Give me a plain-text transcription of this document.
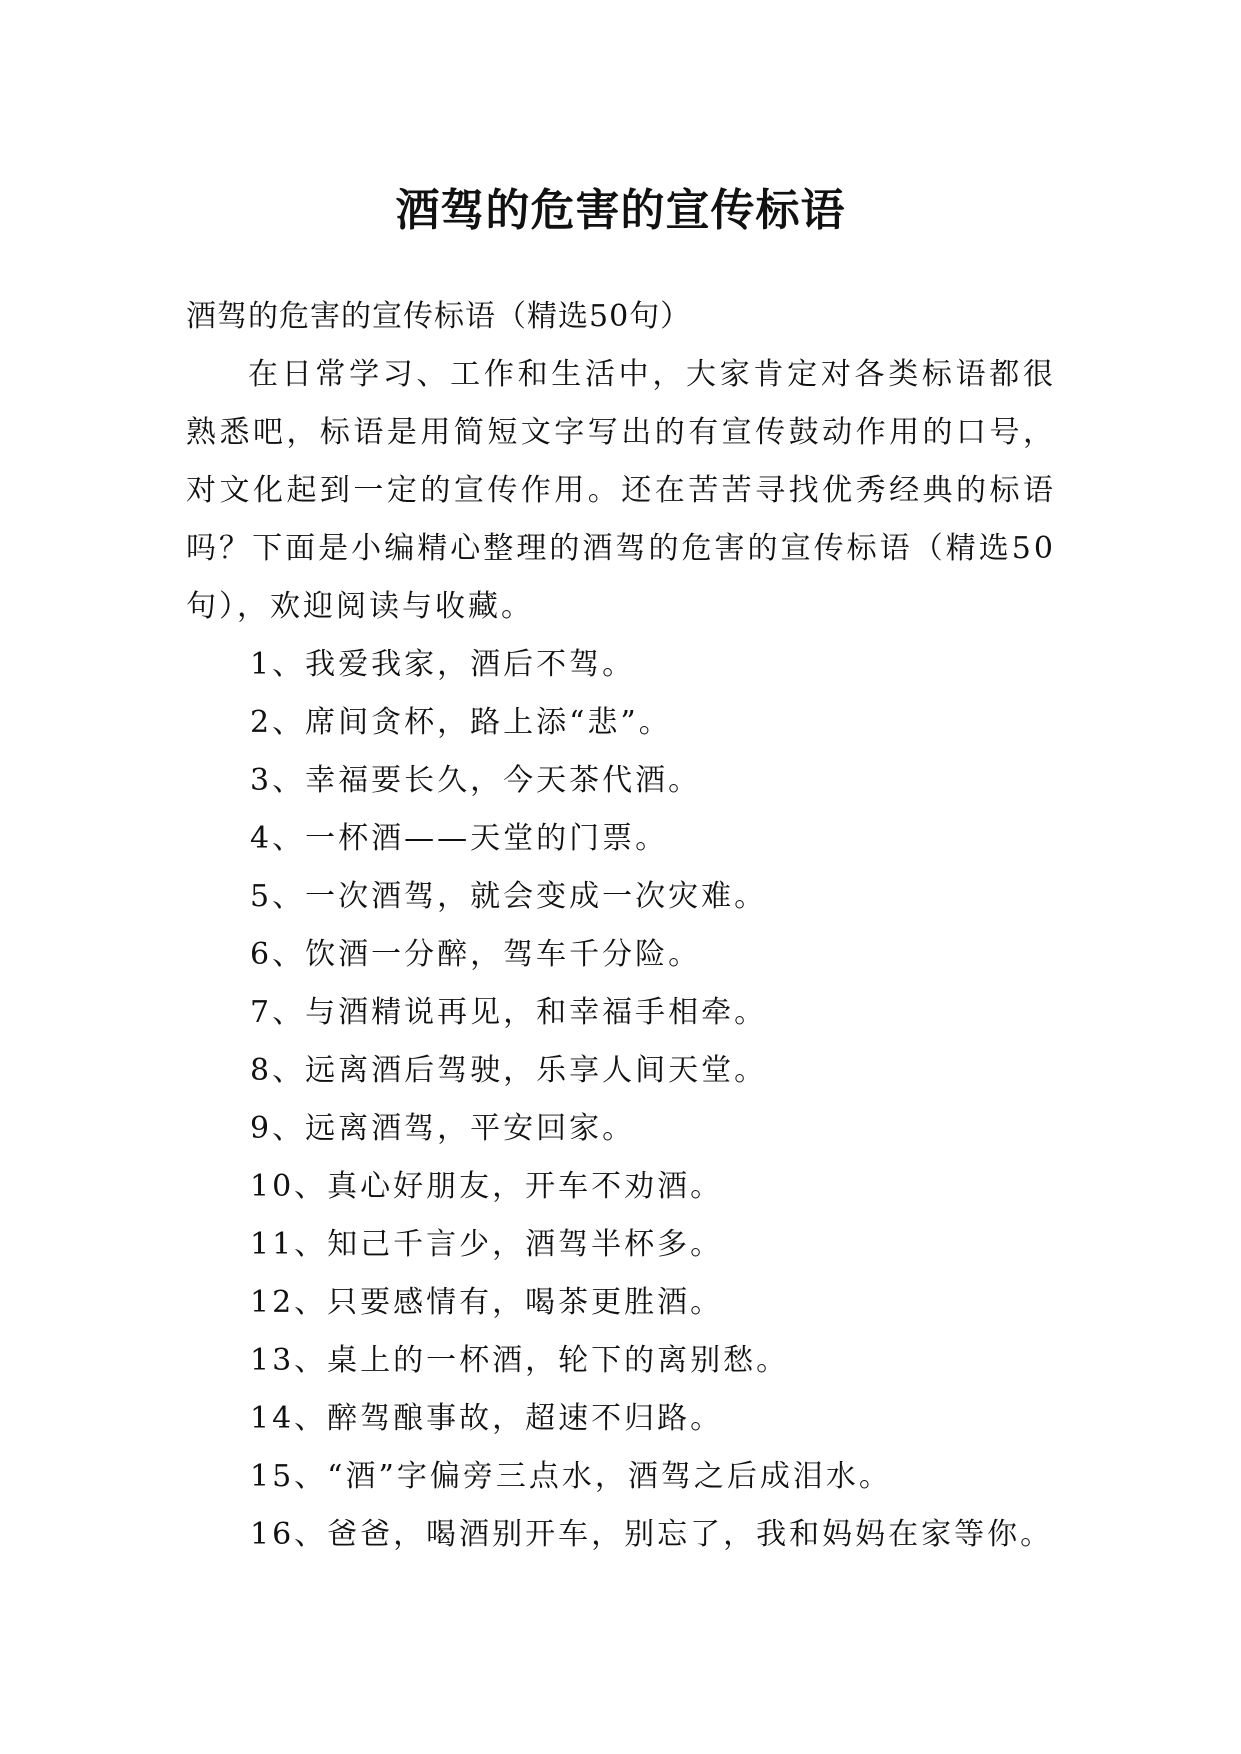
酒驾的危害的宣传标语

酒驾的危害的宣传标语（精选50句）

在日常学习、工作和生活中，大家肯定对各类标语都很熟悉吧，标语是用简短文字写出的有宣传鼓动作用的口号，对文化起到一定的宣传作用。还在苦苦寻找优秀经典的标语吗？下面是小编精心整理的酒驾的危害的宣传标语（精选50句），欢迎阅读与收藏。

1、我爱我家，酒后不驾。
2、席间贪杯，路上添“悲”。
3、幸福要长久，今天茶代酒。
4、一杯酒——天堂的门票。
5、一次酒驾，就会变成一次灾难。
6、饮酒一分醉，驾车千分险。
7、与酒精说再见，和幸福手相牵。
8、远离酒后驾驶，乐享人间天堂。
9、远离酒驾，平安回家。
10、真心好朋友，开车不劝酒。
11、知己千言少，酒驾半杯多。
12、只要感情有，喝茶更胜酒。
13、桌上的一杯酒，轮下的离别愁。
14、醉驾酿事故，超速不归路。
15、“酒”字偏旁三点水，酒驾之后成泪水。
16、爸爸，喝酒别开车，别忘了，我和妈妈在家等你。
